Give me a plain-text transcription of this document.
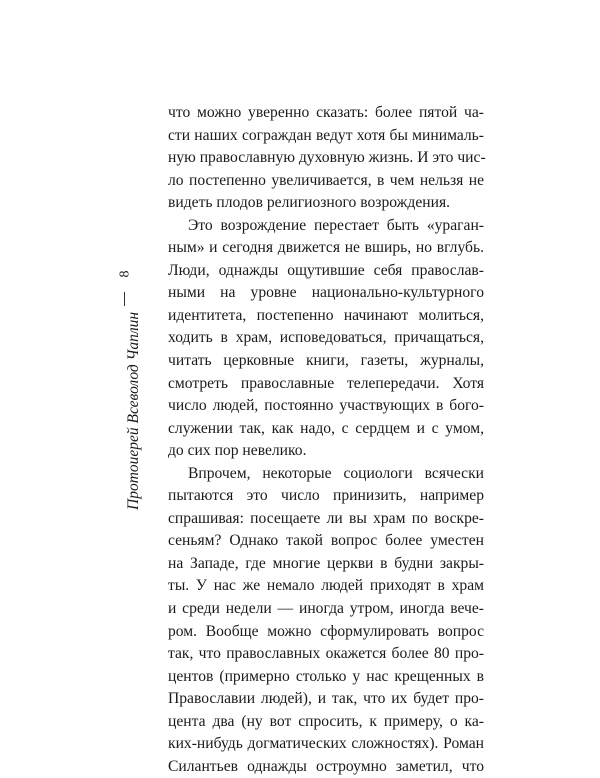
8
Протоиерей Всеволод Чаплин
что можно уверенно сказать: более пятой ча-
сти наших сограждан ведут хотя бы минималь-
ную православную духовную жизнь. И это чис-
ло постепенно увеличивается, в чем нельзя не
видеть плодов религиозного возрождения.
Это возрождение перестает быть «ураган-
ным» и сегодня движется не вширь, но вглубь.
Люди, однажды ощутившие себя православ-
ными на уровне национально-культурного
идентитета, постепенно начинают молиться,
ходить в храм, исповедоваться, причащаться,
читать церковные книги, газеты, журналы,
смотреть православные телепередачи. Хотя
число людей, постоянно участвующих в бого-
служении так, как надо, с сердцем и с умом,
до сих пор невелико.
Впрочем, некоторые социологи всячески
пытаются это число принизить, например
спрашивая: посещаете ли вы храм по воскре-
сеньям? Однако такой вопрос более уместен
на Западе, где многие церкви в будни закры-
ты. У нас же немало людей приходят в храм
и среди недели — иногда утром, иногда вече-
ром. Вообще можно сформулировать вопрос
так, что православных окажется более 80 про-
центов (примерно столько у нас крещенных в
Православии людей), и так, что их будет про-
цента два (ну вот спросить, к примеру, о ка-
ких-нибудь догматических сложностях). Роман
Силантьев однажды остроумно заметил, что
